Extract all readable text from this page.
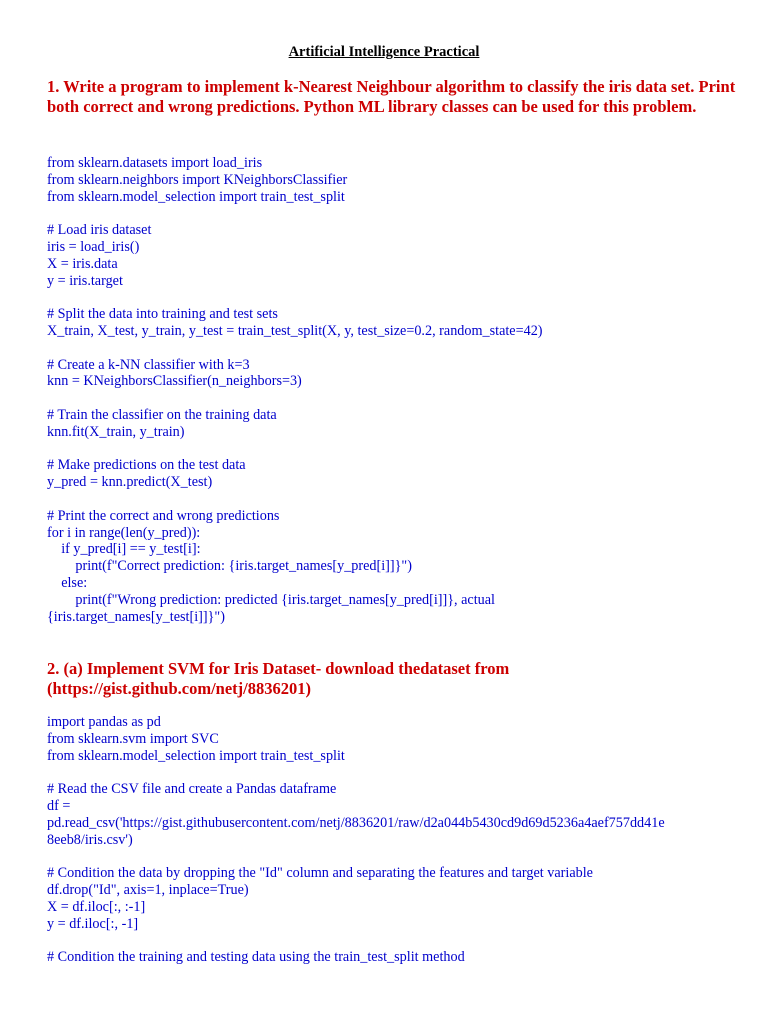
Artificial Intelligence Practical
1. Write a program to implement k-Nearest Neighbour algorithm to classify the iris data set. Print both correct and wrong predictions. Python ML library classes can be used for this problem.
from sklearn.datasets import load_iris
from sklearn.neighbors import KNeighborsClassifier
from sklearn.model_selection import train_test_split
# Load iris dataset
iris = load_iris()
X = iris.data
y = iris.target
# Split the data into training and test sets
X_train, X_test, y_train, y_test = train_test_split(X, y, test_size=0.2, random_state=42)
# Create a k-NN classifier with k=3
knn = KNeighborsClassifier(n_neighbors=3)
# Train the classifier on the training data
knn.fit(X_train, y_train)
# Make predictions on the test data
y_pred = knn.predict(X_test)
# Print the correct and wrong predictions
for i in range(len(y_pred)):
if y_pred[i] == y_test[i]:
print(f"Correct prediction: {iris.target_names[y_pred[i]]}")
else:
print(f"Wrong prediction: predicted {iris.target_names[y_pred[i]]}, actual
{iris.target_names[y_test[i]]}")
2. (a) Implement SVM for Iris Dataset- download thedataset from (https://gist.github.com/netj/8836201)
import pandas as pd
from sklearn.svm import SVC
from sklearn.model_selection import train_test_split
# Read the CSV file and create a Pandas dataframe
df =
pd.read_csv('https://gist.githubusercontent.com/netj/8836201/raw/d2a044b5430cd9d69d5236a4aef757dd41e
8eeb8/iris.csv')
# Condition the data by dropping the "Id" column and separating the features and target variable
df.drop("Id", axis=1, inplace=True)
X = df.iloc[:, :-1]
y = df.iloc[:, -1]
# Condition the training and testing data using the train_test_split method
